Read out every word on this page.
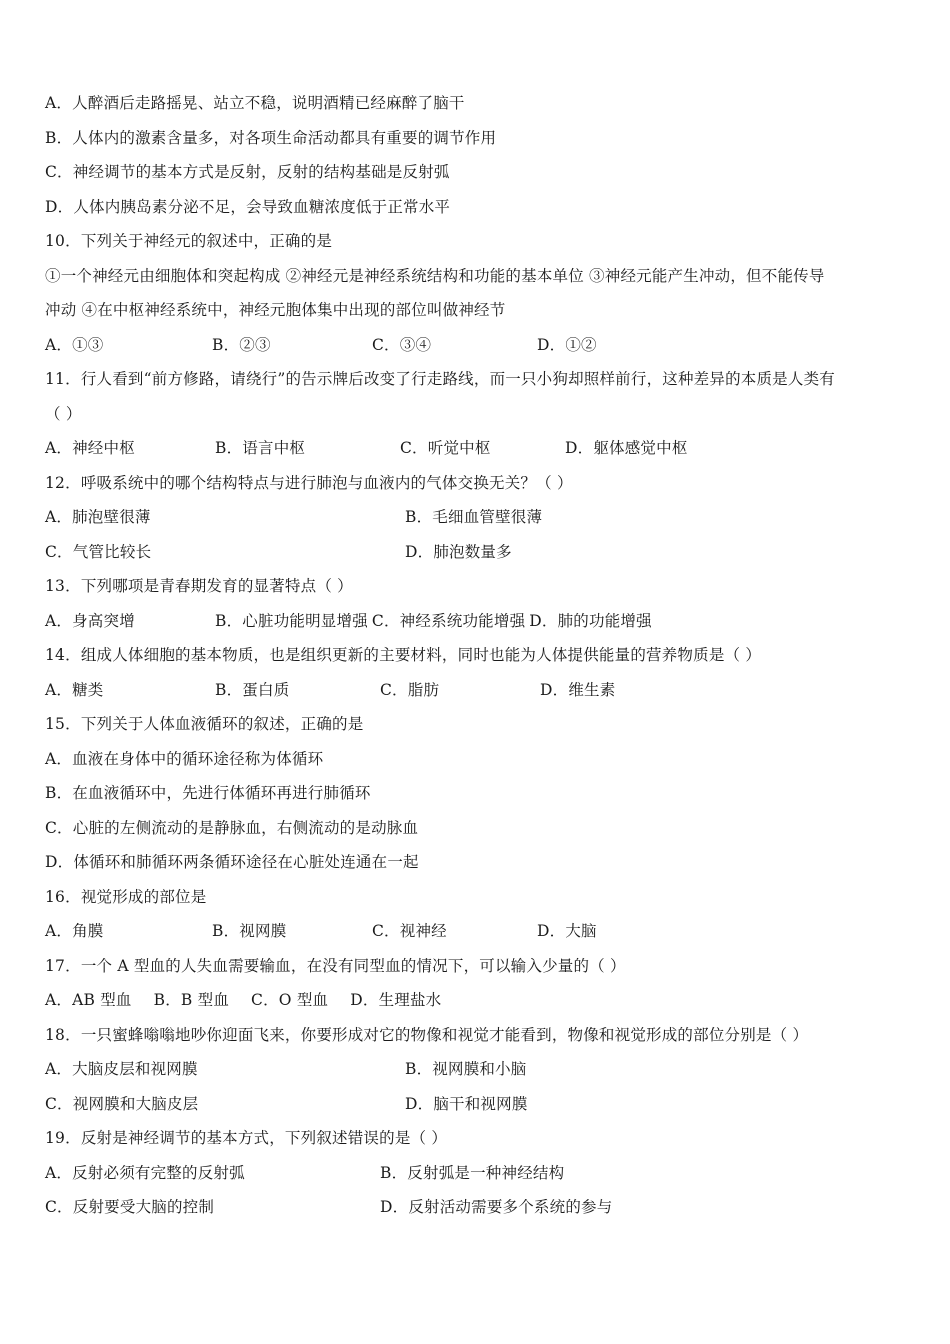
A．人醉酒后走路摇晃、站立不稳，说明酒精已经麻醉了脑干
B．人体内的激素含量多，对各项生命活动都具有重要的调节作用
C．神经调节的基本方式是反射，反射的结构基础是反射弧
D．人体内胰岛素分泌不足，会导致血糖浓度低于正常水平
10．下列关于神经元的叙述中，正确的是
①一个神经元由细胞体和突起构成 ②神经元是神经系统结构和功能的基本单位 ③神经元能产生冲动，但不能传导
冲动 ④在中枢神经系统中，神经元胞体集中出现的部位叫做神经节
A．①③	B．②③	C．③④	D．①②
11．行人看到“前方修路，请绕行”的告示牌后改变了行走路线，而一只小狗却照样前行，这种差异的本质是人类有
（ ）
A．神经中枢	B．语言中枢	C．听觉中枢	D．躯体感觉中枢
12．呼吸系统中的哪个结构特点与进行肺泡与血液内的气体交换无关？（ ）
A．肺泡壁很薄	B．毛细血管壁很薄
C．气管比较长	D．肺泡数量多
13．下列哪项是青春期发育的显著特点（ ）
A．身高突增	B．心脏功能明显增强 C．神经系统功能增强 D．肺的功能增强
14．组成人体细胞的基本物质，也是组织更新的主要材料，同时也能为人体提供能量的营养物质是（ ）
A．糖类	B．蛋白质	C．脂肪	D．维生素
15．下列关于人体血液循环的叙述，正确的是
A．血液在身体中的循环途径称为体循环
B．在血液循环中，先进行体循环再进行肺循环
C．心脏的左侧流动的是静脉血，右侧流动的是动脉血
D．体循环和肺循环两条循环途径在心脏处连通在一起
16．视觉形成的部位是
A．角膜	B．视网膜	C．视神经	D．大脑
17．一个 A 型血的人失血需要输血，在没有同型血的情况下，可以输入少量的（ ）
A．AB 型血 B．B 型血 C．O 型血 D．生理盐水
18．一只蜜蜂嗡嗡地吵你迎面飞来，你要形成对它的物像和视觉才能看到，物像和视觉形成的部位分别是（ ）
A．大脑皮层和视网膜	B．视网膜和小脑
C．视网膜和大脑皮层	D．脑干和视网膜
19．反射是神经调节的基本方式，下列叙述错误的是（ ）
A．反射必须有完整的反射弧	B．反射弧是一种神经结构
C．反射要受大脑的控制	D．反射活动需要多个系统的参与
